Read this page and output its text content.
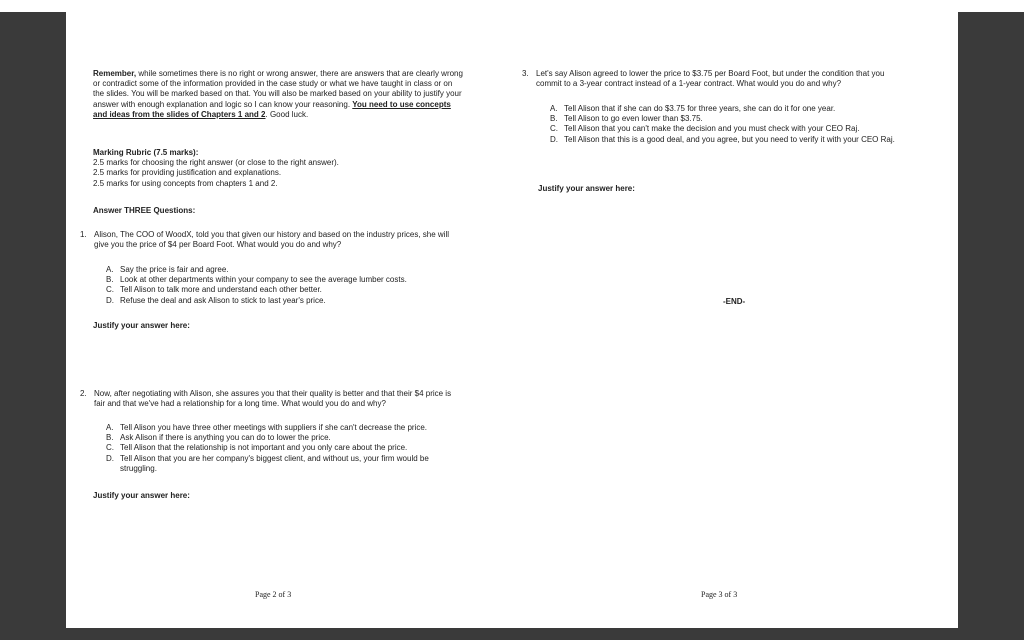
Remember, while sometimes there is no right or wrong answer, there are answers that are clearly wrong or contradict some of the information provided in the case study or what we have taught in class or on the slides. You will be marked based on that. You will also be marked based on your ability to justify your answer with enough explanation and logic so I can know your reasoning. You need to use concepts and ideas from the slides of Chapters 1 and 2. Good luck.
Marking Rubric (7.5 marks):
2.5 marks for choosing the right answer (or close to the right answer).
2.5 marks for providing justification and explanations.
2.5 marks for using concepts from chapters 1 and 2.
Answer THREE Questions:
1. Alison, The COO of WoodX, told you that given our history and based on the industry prices, she will give you the price of $4 per Board Foot. What would you do and why?
A. Say the price is fair and agree.
B. Look at other departments within your company to see the average lumber costs.
C. Tell Alison to talk more and understand each other better.
D. Refuse the deal and ask Alison to stick to last year's price.
Justify your answer here:
2. Now, after negotiating with Alison, she assures you that their quality is better and that their $4 price is fair and that we've had a relationship for a long time. What would you do and why?
A. Tell Alison you have three other meetings with suppliers if she can't decrease the price.
B. Ask Alison if there is anything you can do to lower the price.
C. Tell Alison that the relationship is not important and you only care about the price.
D. Tell Alison that you are her company's biggest client, and without us, your firm would be struggling.
Justify your answer here:
Page 2 of 3
3. Let's say Alison agreed to lower the price to $3.75 per Board Foot, but under the condition that you commit to a 3-year contract instead of a 1-year contract. What would you do and why?
A. Tell Alison that if she can do $3.75 for three years, she can do it for one year.
B. Tell Alison to go even lower than $3.75.
C. Tell Alison that you can't make the decision and you must check with your CEO Raj.
D. Tell Alison that this is a good deal, and you agree, but you need to verify it with your CEO Raj.
Justify your answer here:
-END-
Page 3 of 3
